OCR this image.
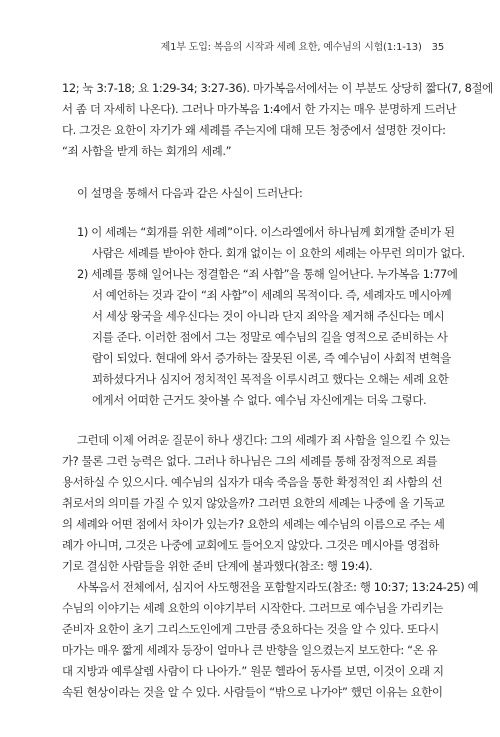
제1부 도입: 복음의 시작과 세례 요한, 예수님의 시험(1:1-13) 35
12; 눅 3:7-18; 요 1:29-34; 3:27-36). 마가복음서에서는 이 부분도 상당히 짧다(7, 8절에
서 좀 더 자세히 나온다). 그러나 마가복음 1:4에서 한 가지는 매우 분명하게 드러난
다. 그것은 요한이 자기가 왜 세례를 주는지에 대해 모든 청중에서 설명한 것이다:
“죄 사함을 받게 하는 회개의 세례.”
이 설명을 통해서 다음과 같은 사실이 드러난다:
1) 이 세례는 “회개를 위한 세례”이다. 이스라엘에서 하나님께 회개할 준비가 된
사람은 세례를 받아야 한다. 회개 없이는 이 요한의 세례는 아무런 의미가 없다.
2) 세례를 통해 일어나는 정결함은 “죄 사함”을 통해 일어난다. 누가복음 1:77에
서 예언하는 것과 같이 “죄 사함”이 세례의 목적이다. 즉, 세례자도 메시아께
서 세상 왕국을 세우신다는 것이 아니라 단지 죄악을 제거해 주신다는 메시
지를 준다. 이러한 점에서 그는 정말로 예수님의 길을 영적으로 준비하는 사
람이 되었다. 현대에 와서 증가하는 잘못된 이론, 즉 예수님이 사회적 변혁을
꾀하셨다거나 심지어 정치적인 목적을 이루시려고 했다는 오해는 세례 요한
에게서 어떠한 근거도 찾아볼 수 없다. 예수님 자신에게는 더욱 그렇다.
그런데 이제 어려운 질문이 하나 생긴다: 그의 세례가 죄 사함을 일으킬 수 있는
가? 물론 그런 능력은 없다. 그러나 하나님은 그의 세례를 통해 잠정적으로 죄를
용서하실 수 있으시다. 예수님의 십자가 대속 죽음을 통한 확정적인 죄 사함의 선
취로서의 의미를 가질 수 있지 않았을까? 그러면 요한의 세례는 나중에 올 기독교
의 세례와 어떤 점에서 차이가 있는가? 요한의 세례는 예수님의 이름으로 주는 세
례가 아니며, 그것은 나중에 교회에도 들어오지 않았다. 그것은 메시아를 영접하
기로 결심한 사람들을 위한 준비 단계에 불과했다(참조: 행 19:4).
사복음서 전체에서, 심지어 사도행전을 포함할지라도(참조: 행 10:37; 13:24-25) 예
수님의 이야기는 세례 요한의 이야기부터 시작한다. 그러므로 예수님을 가리키는
준비자 요한이 초기 그리스도인에게 그만큼 중요하다는 것을 알 수 있다. 또다시
마가는 매우 짧게 세례자 등장이 얼마나 큰 반향을 일으켰는지 보도한다: “온 유
대 지방과 예루살렘 사람이 다 나아가.” 원문 헬라어 동사를 보면, 이것이 오래 지
속된 현상이라는 것을 알 수 있다. 사람들이 “밖으로 나가야” 했던 이유는 요한이
